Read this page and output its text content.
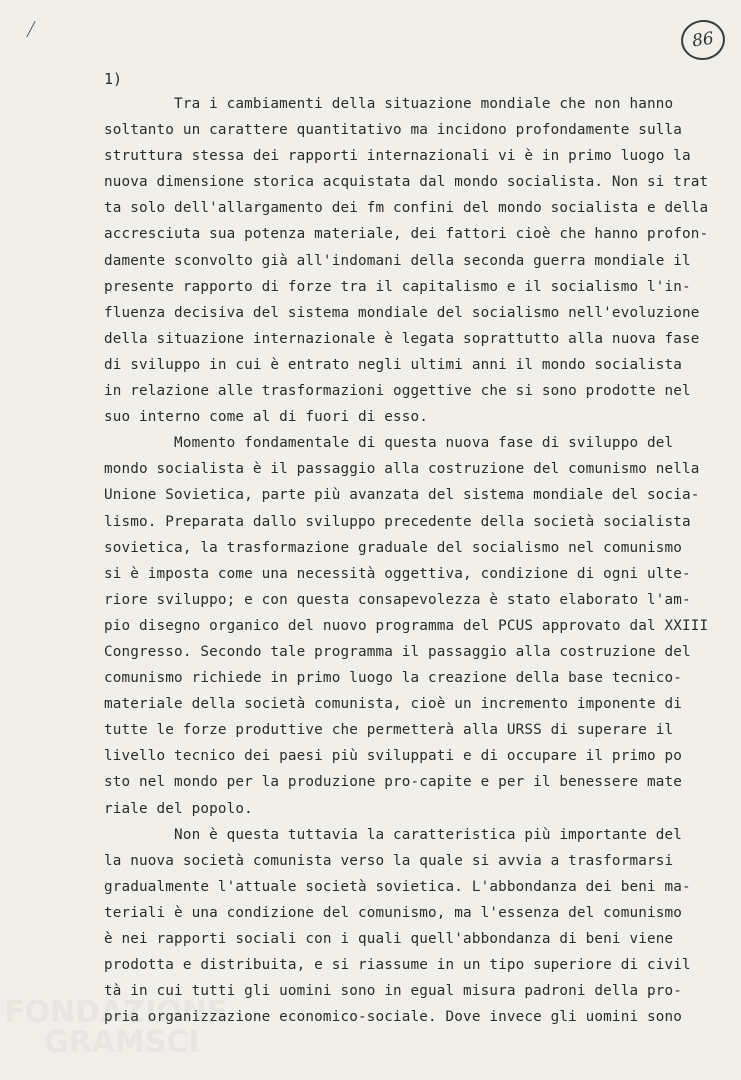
86
1)
Tra i cambiamenti della situazione mondiale che non hanno
soltanto un carattere quantitativo ma incidono profondamente sulla
struttura stessa dei rapporti internazionali vi è in primo luogo la
nuova dimensione storica acquistata dal mondo socialista. Non si trat
ta solo dell'allargamento dei fm confini del mondo socialista e della
accresciuta sua potenza materiale, dei fattori cioè che hanno profon-
damente sconvolto già all'indomani della seconda guerra mondiale il
presente rapporto di forze tra il capitalismo e il socialismo l'in-
fluenza decisiva del sistema mondiale del socialismo nell'evoluzione
della situazione internazionale è legata soprattutto alla nuova fase
di sviluppo in cui è entrato negli ultimi anni il mondo socialista
in relazione alle trasformazioni oggettive che si sono prodotte nel
suo interno come al di fuori di esso.
Momento fondamentale di questa nuova fase di sviluppo del
mondo socialista è il passaggio alla costruzione del comunismo nella
Unione Sovietica, parte più avanzata del sistema mondiale del socia-
lismo. Preparata dallo sviluppo precedente della società socialista
sovietica, la trasformazione graduale del socialismo nel comunismo
si è imposta come una necessità oggettiva, condizione di ogni ulte-
riore sviluppo; e con questa consapevolezza è stato elaborato l'am-
pio disegno organico del nuovo programma del PCUS approvato dal XXIII
Congresso. Secondo tale programma il passaggio alla costruzione del
comunismo richiede in primo luogo la creazione della base tecnico-
materiale della società comunista, cioè un incremento imponente di
tutte le forze produttive che permetterà alla URSS di superare il
livello tecnico dei paesi più sviluppati e di occupare il primo po
sto nel mondo per la produzione pro-capite e per il benessere mate
riale del popolo.
Non è questa tuttavia la caratteristica più importante del
la nuova società comunista verso la quale si avvia a trasformarsi
gradualmente l'attuale società sovietica. L'abbondanza dei beni ma-
teriali è una condizione del comunismo, ma l'essenza del comunismo
è nei rapporti sociali con i quali quell'abbondanza di beni viene
prodotta e distribuita, e si riassume in un tipo superiore di civil
tà in cui tutti gli uomini sono in egual misura padroni della pro-
pria organizzazione economico-sociale. Dove invece gli uomini sono
FONDAZIONE
GRAMSCI
